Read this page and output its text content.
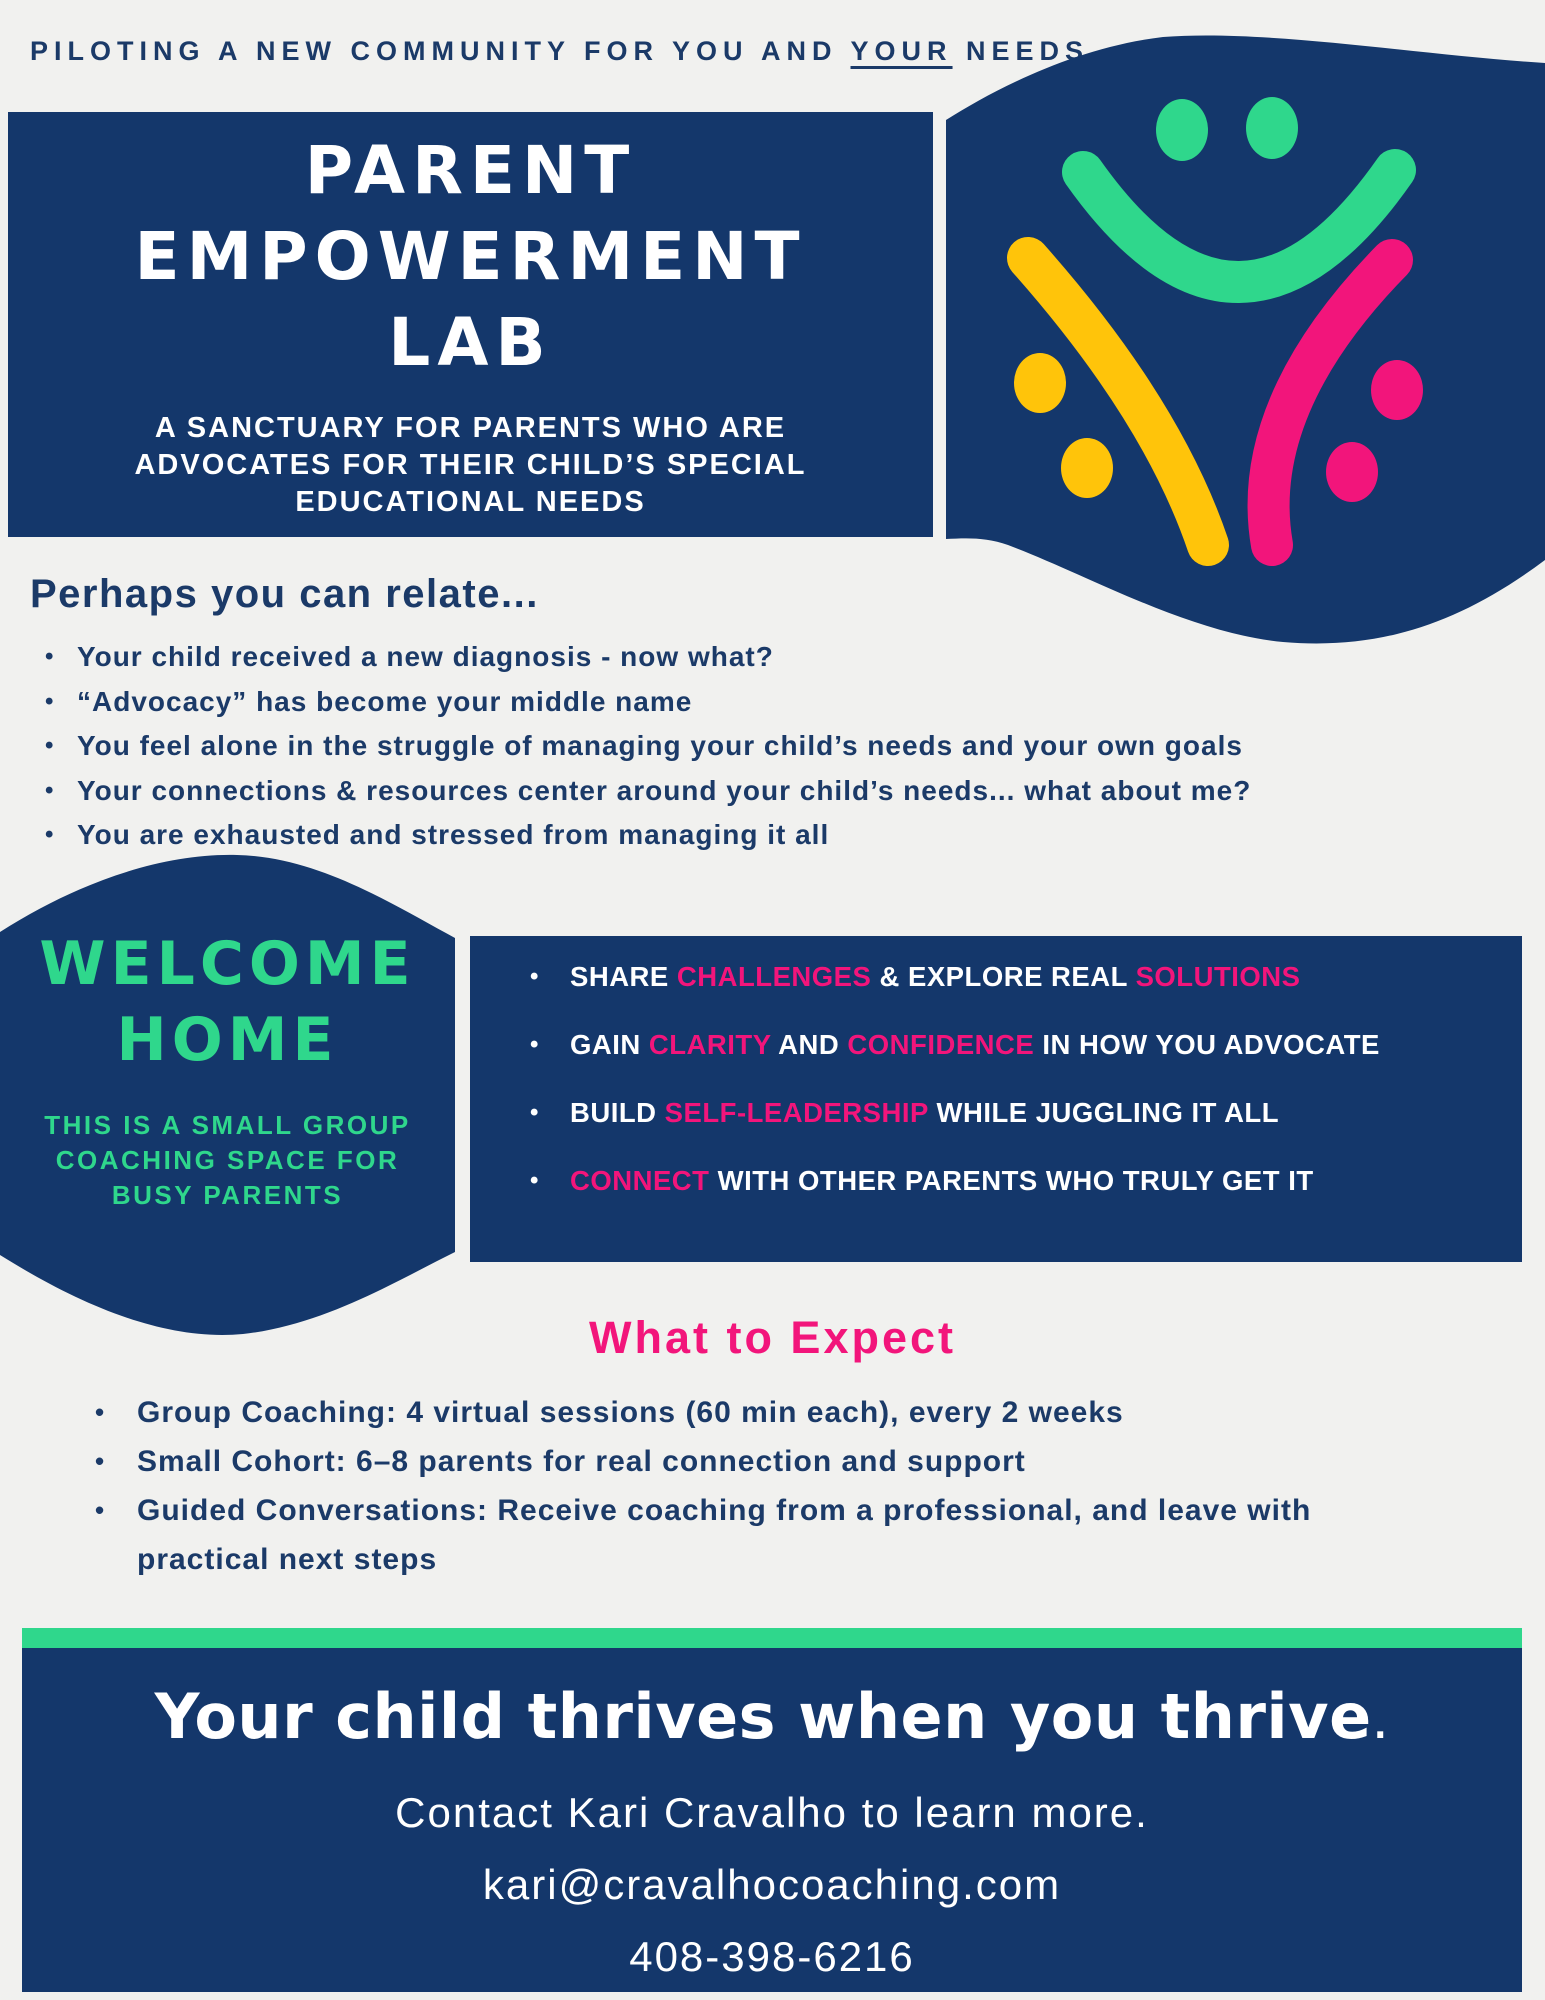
PILOTING A NEW COMMUNITY FOR YOU AND YOUR NEEDS
PARENT
EMPOWERMENT
LAB
A SANCTUARY FOR PARENTS WHO ARE
ADVOCATES FOR THEIR CHILD’S SPECIAL
EDUCATIONAL NEEDS
Perhaps you can relate...
• Your child received a new diagnosis - now what?
• “Advocacy” has become your middle name
• You feel alone in the struggle of managing your child’s needs and your own goals
• Your connections & resources center around your child’s needs... what about me?
• You are exhausted and stressed from managing it all
WELCOME HOME
THIS IS A SMALL GROUP COACHING SPACE FOR BUSY PARENTS
• SHARE CHALLENGES & EXPLORE REAL SOLUTIONS
• GAIN CLARITY AND CONFIDENCE IN HOW YOU ADVOCATE
• BUILD SELF-LEADERSHIP WHILE JUGGLING IT ALL
• CONNECT WITH OTHER PARENTS WHO TRULY GET IT
What to Expect
• Group Coaching: 4 virtual sessions (60 min each), every 2 weeks
• Small Cohort: 6–8 parents for real connection and support
• Guided Conversations: Receive coaching from a professional, and leave with practical next steps
Your child thrives when you thrive.
Contact Kari Cravalho to learn more.
kari@cravalhocoaching.com
408-398-6216
